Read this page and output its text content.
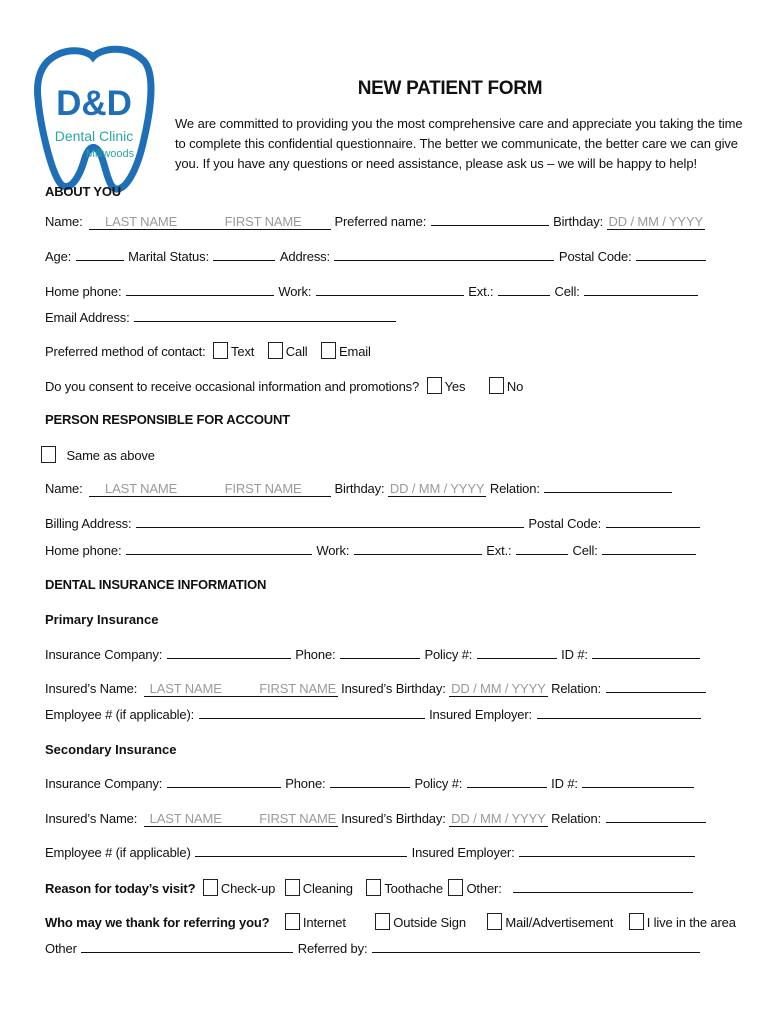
D&D
Dental Clinic
Millwoods
NEW PATIENT FORM
We are committed to providing you the most comprehensive care and appreciate you taking the time
to complete this confidential questionnaire. The better we communicate, the better care we can give
you. If you have any questions or need assistance, please ask us – we will be happy to help!
ABOUT YOU
Name: LAST NAME	FIRST NAME	Preferred name:	Birthday: DD / MM / YYYY
Age:	Marital Status:	Address:	Postal Code:
Home phone:	Work:	Ext.:	Cell:
Email Address:
Preferred method of contact: Text Call Email
Do you consent to receive occasional information and promotions? Yes	No
PERSON RESPONSIBLE FOR ACCOUNT
Same as above
Name: LAST NAME	FIRST NAME	Birthday: DD / MM / YYYY Relation:
Billing Address:	Postal Code:
Home phone:	Work:	Ext.:	Cell:
DENTAL INSURANCE INFORMATION
Primary Insurance
Insurance Company:	Phone:	Policy #:	ID #:
Insured’s Name: LAST NAME	FIRST NAME Insured’s Birthday: DD / MM / YYYY Relation:
Employee # (if applicable):	Insured Employer:
Secondary Insurance
Insurance Company:	Phone:	Policy #:	ID #:
Insured’s Name: LAST NAME	FIRST NAME Insured’s Birthday: DD / MM / YYYY Relation:
Employee # (if applicable)	Insured Employer:
Reason for today’s visit? Check-up Cleaning Toothache Other:
Who may we thank for referring you?	Internet	Outside Sign	Mail/Advertisement	I live in the area
Other	Referred by:
